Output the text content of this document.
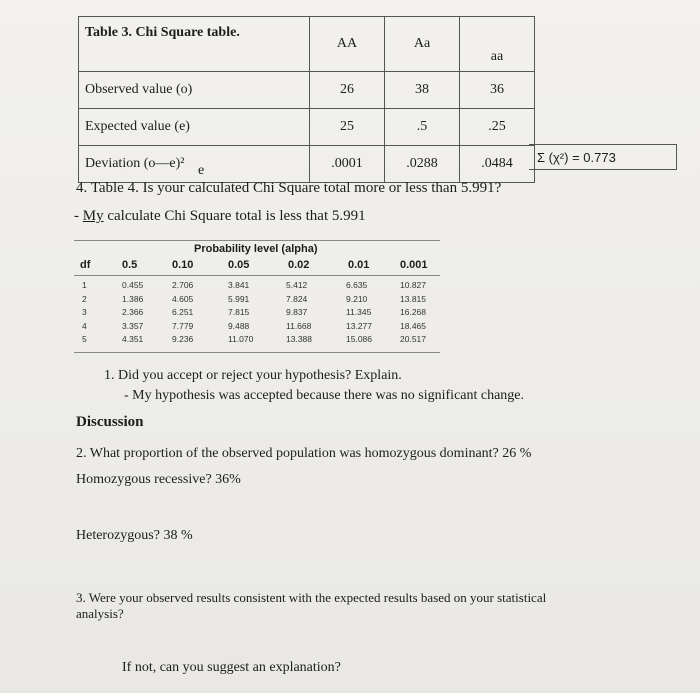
Table 3. Chi Square table.	AA	Aa	aa
Observed value (o)	26	38	36
Expected value (e)	25	.5	.25
Deviation (o—e)²	.0001	.0288	.0484	Σ (χ²) = 0.773
e
4. Table 4. Is your calculated Chi Square total more or less than 5.991?
- My calculate Chi Square total is less that 5.991
Probability level (alpha)
df	0.5	0.10	0.05	0.02	0.01	0.001
1	0.455	2.706	3.841	5.412	6.635	10.827
2	1.386	4.605	5.991	7.824	9.210	13.815
3	2.366	6.251	7.815	9.837	11.345	16.268
4	3.357	7.779	9.488	11.668	13.277	18.465
5	4.351	9.236	11.070	13.388	15.086	20.517
1. Did you accept or reject your hypothesis? Explain.
- My hypothesis was accepted because there was no significant change.
Discussion
2. What proportion of the observed population was homozygous dominant? 26 %
Homozygous recessive? 36%
Heterozygous? 38 %
3. Were your observed results consistent with the expected results based on your statistical
analysis?
If not, can you suggest an explanation?
